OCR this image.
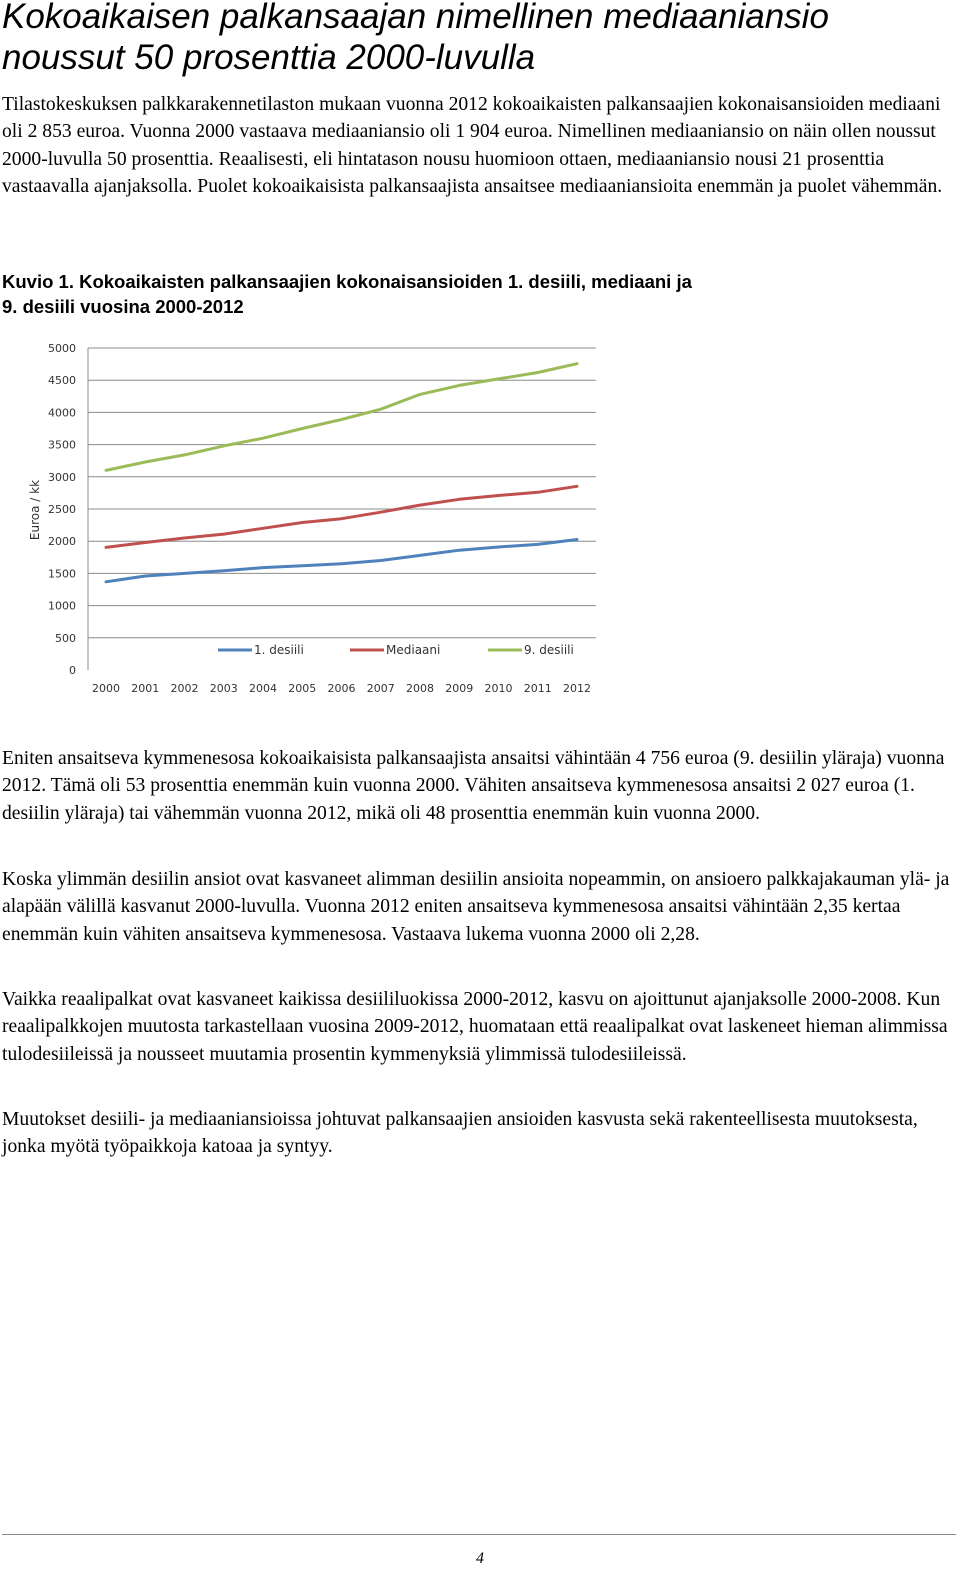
Kokoaikaisen palkansaajan nimellinen mediaaniansio noussut 50 prosenttia 2000-luvulla

Tilastokeskuksen palkkarakennetilaston mukaan vuonna 2012 kokoaikaisten palkansaajien kokonaisansioiden mediaani oli 2 853 euroa. Vuonna 2000 vastaava mediaaniansio oli 1 904 euroa. Nimellinen mediaaniansio on näin ollen noussut 2000-luvulla 50 prosenttia. Reaalisesti, eli hintatason nousu huomioon ottaen, mediaaniansio nousi 21 prosenttia vastaavalla ajanjaksolla. Puolet kokoaikaisista palkansaajista ansaitsee mediaaniansioita enemmän ja puolet vähemmän.

Kuvio 1. Kokoaikaisten palkansaajien kokonaisansioiden 1. desiili, mediaani ja 9. desiili vuosina 2000-2012

0
500
1000
1500
2000
2500
3000
3500
4000
4500
5000
Euroa / kk
2000 2001 2002 2003 2004 2005 2006 2007 2008 2009 2010 2011 2012
1. desiili	Mediaani	9. desiili

Eniten ansaitseva kymmenesosa kokoaikaisista palkansaajista ansaitsi vähintään 4 756 euroa (9. desiilin yläraja) vuonna 2012. Tämä oli 53 prosenttia enemmän kuin vuonna 2000. Vähiten ansaitseva kymmenesosa ansaitsi 2 027 euroa (1. desiilin yläraja) tai vähemmän vuonna 2012, mikä oli 48 prosenttia enemmän kuin vuonna 2000.

Koska ylimmän desiilin ansiot ovat kasvaneet alimman desiilin ansioita nopeammin, on ansioero palkkajakauman ylä- ja alapään välillä kasvanut 2000-luvulla. Vuonna 2012 eniten ansaitseva kymmenesosa ansaitsi vähintään 2,35 kertaa enemmän kuin vähiten ansaitseva kymmenesosa. Vastaava lukema vuonna 2000 oli 2,28.

Vaikka reaalipalkat ovat kasvaneet kaikissa desiililuokissa 2000-2012, kasvu on ajoittunut ajanjaksolle 2000-2008. Kun reaalipalkkojen muutosta tarkastellaan vuosina 2009-2012, huomataan että reaalipalkat ovat laskeneet hieman alimmissa tulodesiileissä ja nousseet muutamia prosentin kymmenyksiä ylimmissä tulodesiileissä.

Muutokset desiili- ja mediaaniansioissa johtuvat palkansaajien ansioiden kasvusta sekä rakenteellisesta muutoksesta, jonka myötä työpaikkoja katoaa ja syntyy.

4
